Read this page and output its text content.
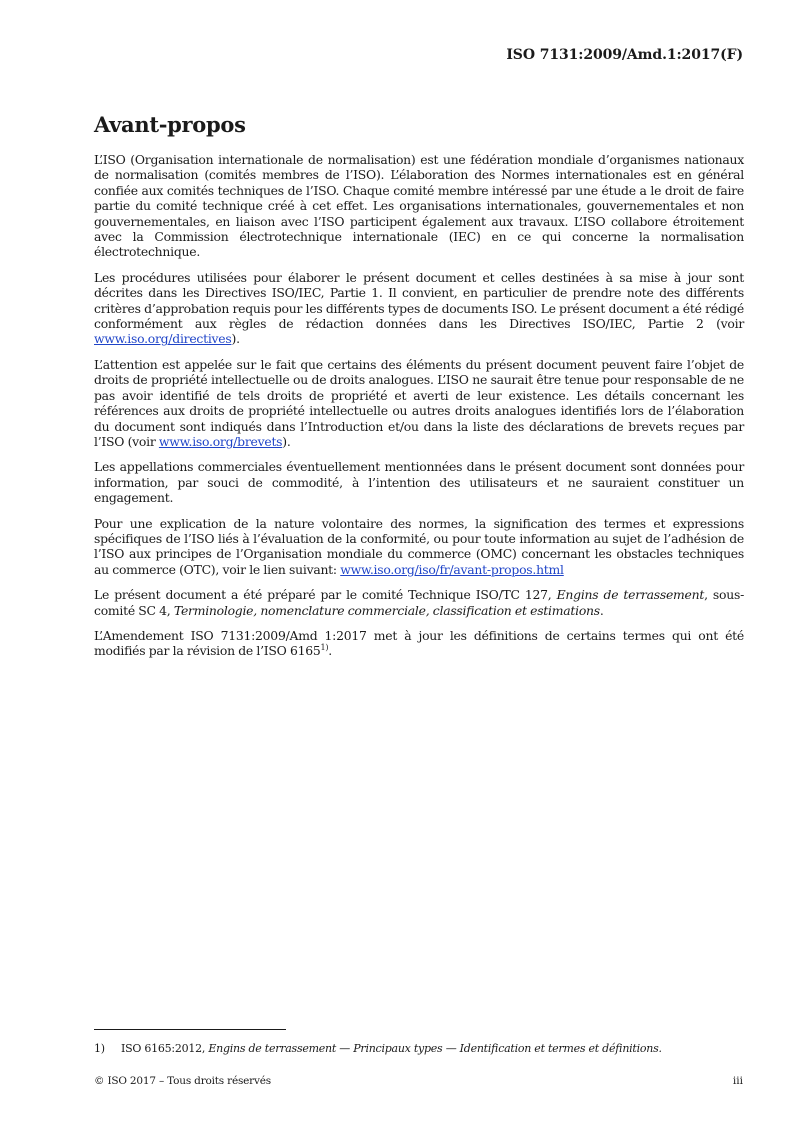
ISO 7131:2009/Amd.1:2017(F)
Avant-propos

L’ISO (Organisation internationale de normalisation) est une fédération mondiale d’organismes nationaux de normalisation (comités membres de l’ISO). L’élaboration des Normes internationales est en général confiée aux comités techniques de l’ISO. Chaque comité membre intéressé par une étude a le droit de faire partie du comité technique créé à cet effet. Les organisations internationales, gouvernementales et non gouvernementales, en liaison avec l’ISO participent également aux travaux. L’ISO collabore étroitement avec la Commission électrotechnique internationale (IEC) en ce qui concerne la normalisation électrotechnique.

Les procédures utilisées pour élaborer le présent document et celles destinées à sa mise à jour sont décrites dans les Directives ISO/IEC, Partie 1. Il convient, en particulier de prendre note des différents critères d’approbation requis pour les différents types de documents ISO. Le présent document a été rédigé conformément aux règles de rédaction données dans les Directives ISO/IEC, Partie 2 (voir www.iso.org/directives).

L’attention est appelée sur le fait que certains des éléments du présent document peuvent faire l’objet de droits de propriété intellectuelle ou de droits analogues. L’ISO ne saurait être tenue pour responsable de ne pas avoir identifié de tels droits de propriété et averti de leur existence. Les détails concernant les références aux droits de propriété intellectuelle ou autres droits analogues identifiés lors de l’élaboration du document sont indiqués dans l’Introduction et/ou dans la liste des déclarations de brevets reçues par l’ISO (voir www.iso.org/brevets).

Les appellations commerciales éventuellement mentionnées dans le présent document sont données pour information, par souci de commodité, à l’intention des utilisateurs et ne sauraient constituer un engagement.

Pour une explication de la nature volontaire des normes, la signification des termes et expressions spécifiques de l’ISO liés à l’évaluation de la conformité, ou pour toute information au sujet de l’adhésion de l’ISO aux principes de l’Organisation mondiale du commerce (OMC) concernant les obstacles techniques au commerce (OTC), voir le lien suivant: www.iso.org/iso/fr/avant-propos.html

Le présent document a été préparé par le comité Technique ISO/TC 127, Engins de terrassement, sous-comité SC 4, Terminologie, nomenclature commerciale, classification et estimations.

L’Amendement ISO 7131:2009/Amd 1:2017 met à jour les définitions de certains termes qui ont été modifiés par la révision de l’ISO 6165$^{1)}$.

1) ISO 6165:2012, Engins de terrassement — Principaux types — Identification et termes et définitions.
© ISO 2017 – Tous droits réservés	iii
